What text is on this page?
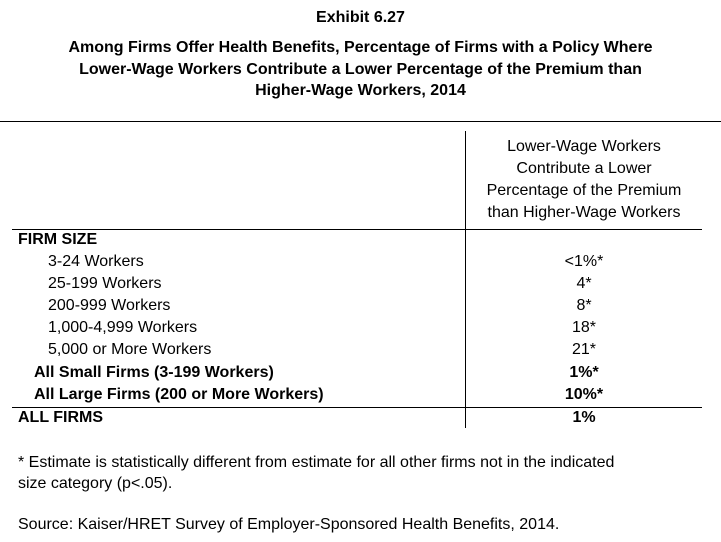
Exhibit 6.27
Among Firms Offer Health Benefits, Percentage of Firms with a Policy Where
Lower-Wage Workers Contribute a Lower Percentage of the Premium than
Higher-Wage Workers, 2014
Lower-Wage Workers
Contribute a Lower
Percentage of the Premium
than Higher-Wage Workers
FIRM SIZE
3-24 Workers	<1%*
25-199 Workers	4*
200-999 Workers	8*
1,000-4,999 Workers	18*
5,000 or More Workers	21*
All Small Firms (3-199 Workers)	1%*
All Large Firms (200 or More Workers)	10%*
ALL FIRMS	1%
* Estimate is statistically different from estimate for all other firms not in the indicated
size category (p<.05).
Source: Kaiser/HRET Survey of Employer-Sponsored Health Benefits, 2014.
